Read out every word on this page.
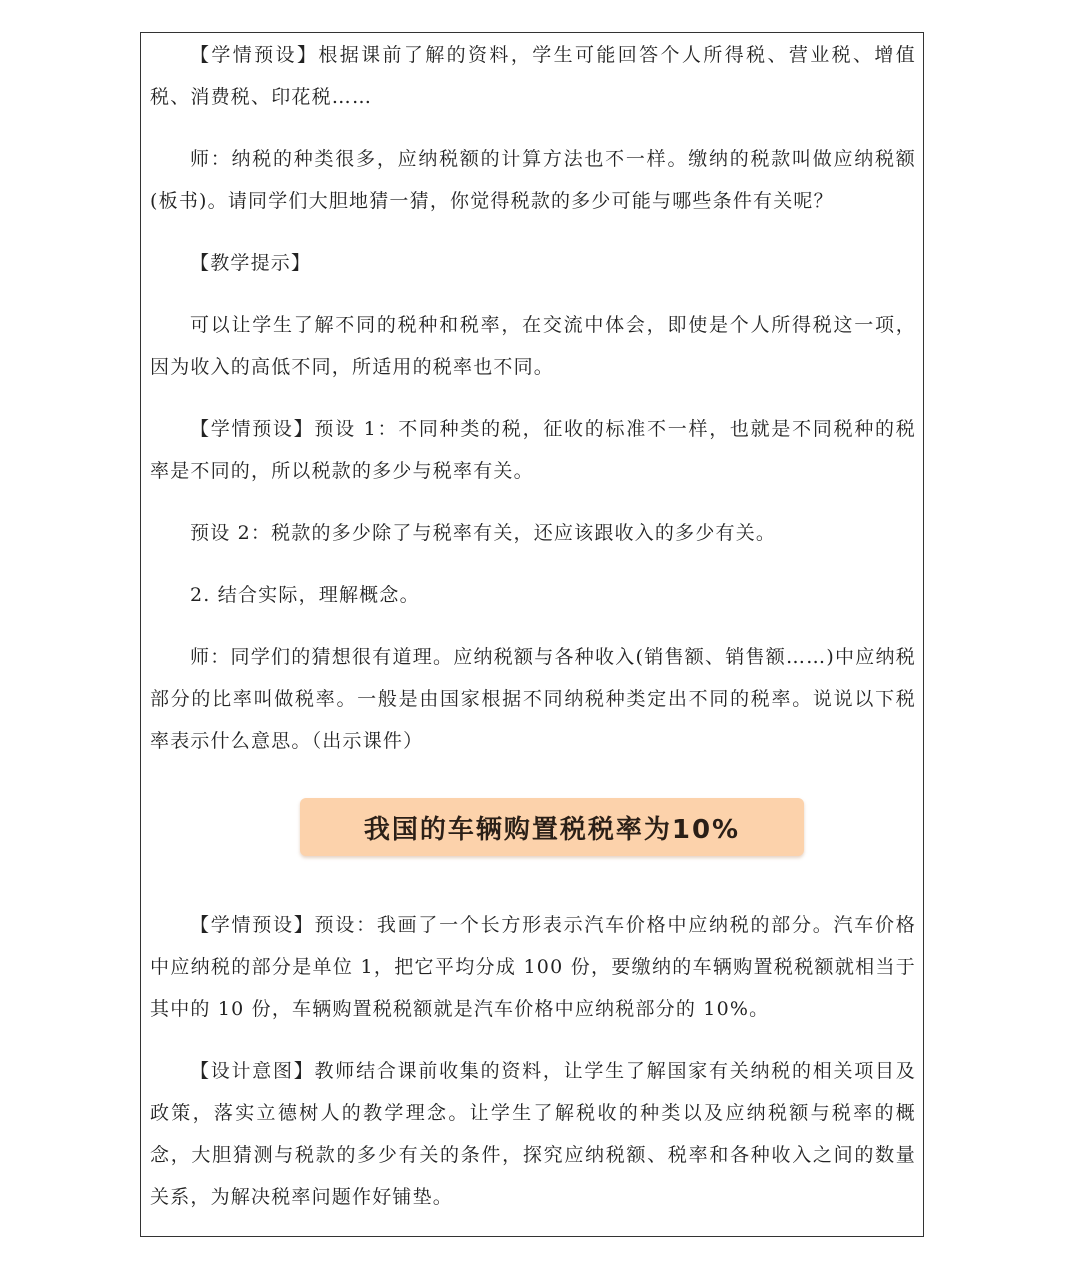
【学情预设】根据课前了解的资料，学生可能回答个人所得税、营业税、增值税、消费税、印花税……

师：纳税的种类很多，应纳税额的计算方法也不一样。缴纳的税款叫做应纳税额(板书)。请同学们大胆地猜一猜，你觉得税款的多少可能与哪些条件有关呢？

【教学提示】

可以让学生了解不同的税种和税率，在交流中体会，即使是个人所得税这一项，因为收入的高低不同，所适用的税率也不同。

【学情预设】预设 1：不同种类的税，征收的标准不一样，也就是不同税种的税率是不同的，所以税款的多少与税率有关。

预设 2：税款的多少除了与税率有关，还应该跟收入的多少有关。

2. 结合实际，理解概念。

师：同学们的猜想很有道理。应纳税额与各种收入(销售额、销售额……)中应纳税部分的比率叫做税率。一般是由国家根据不同纳税种类定出不同的税率。说说以下税率表示什么意思。（出示课件）

我国的车辆购置税税率为10%

【学情预设】预设：我画了一个长方形表示汽车价格中应纳税的部分。汽车价格中应纳税的部分是单位 1，把它平均分成 100 份，要缴纳的车辆购置税税额就相当于其中的 10 份，车辆购置税税额就是汽车价格中应纳税部分的 10%。

【设计意图】教师结合课前收集的资料，让学生了解国家有关纳税的相关项目及政策，落实立德树人的教学理念。让学生了解税收的种类以及应纳税额与税率的概念，大胆猜测与税款的多少有关的条件，探究应纳税额、税率和各种收入之间的数量关系，为解决税率问题作好铺垫。
